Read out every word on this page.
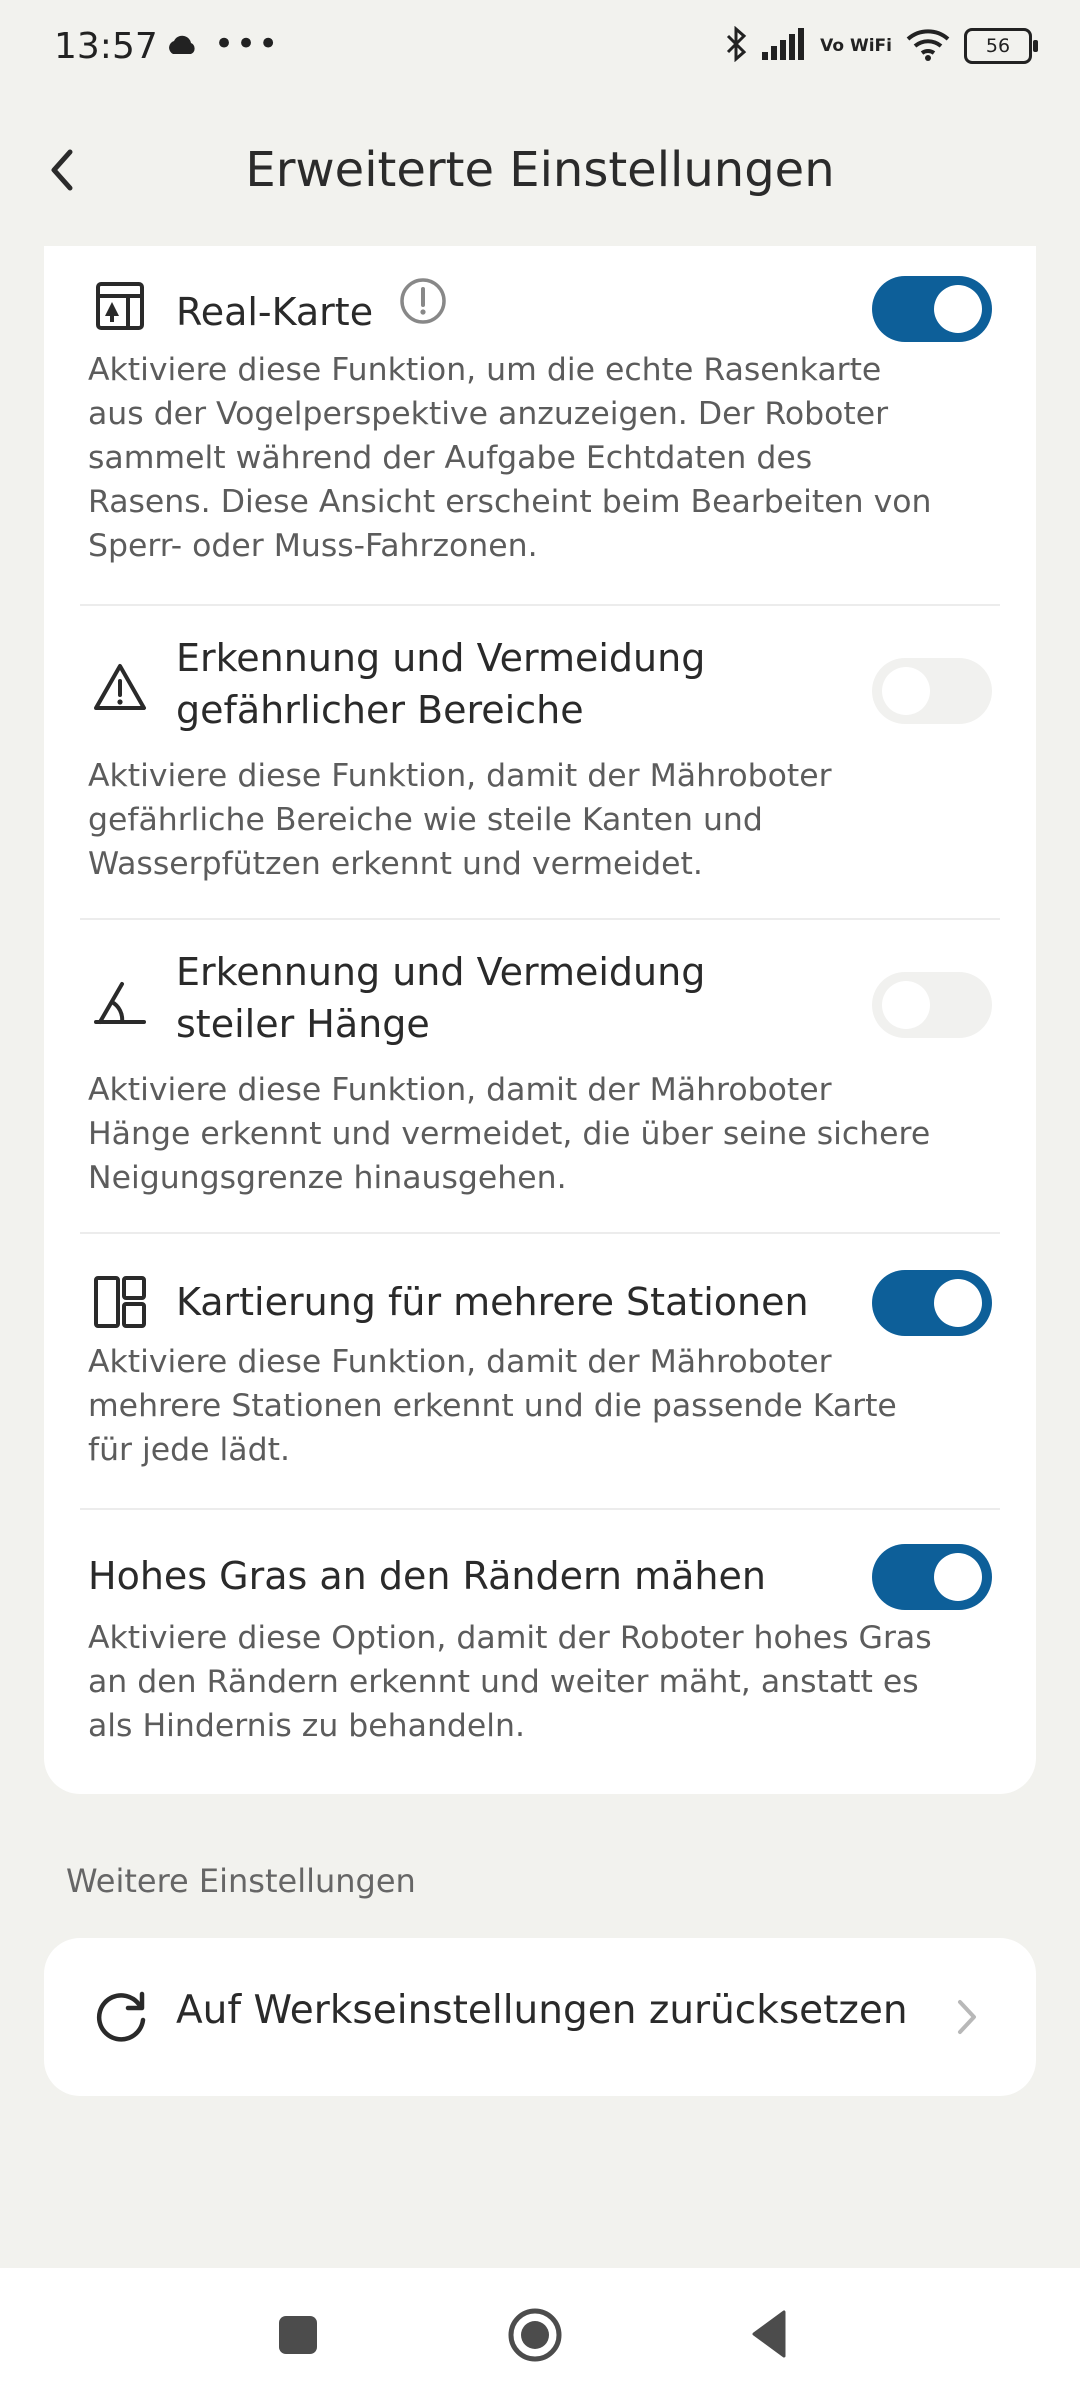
13:57 •••	Vo WiFi	56
Erweiterte Einstellungen
Real-Karte
Aktiviere diese Funktion, um die echte Rasenkarte
aus der Vogelperspektive anzuzeigen. Der Roboter
sammelt während der Aufgabe Echtdaten des
Rasens. Diese Ansicht erscheint beim Bearbeiten von
Sperr- oder Muss-Fahrzonen.
Erkennung und Vermeidung
gefährlicher Bereiche
Aktiviere diese Funktion, damit der Mähroboter
gefährliche Bereiche wie steile Kanten und
Wasserpfützen erkennt und vermeidet.
Erkennung und Vermeidung
steiler Hänge
Aktiviere diese Funktion, damit der Mähroboter
Hänge erkennt und vermeidet, die über seine sichere
Neigungsgrenze hinausgehen.
Kartierung für mehrere Stationen
Aktiviere diese Funktion, damit der Mähroboter
mehrere Stationen erkennt und die passende Karte
für jede lädt.
Hohes Gras an den Rändern mähen
Aktiviere diese Option, damit der Roboter hohes Gras
an den Rändern erkennt und weiter mäht, anstatt es
als Hindernis zu behandeln.
Weitere Einstellungen
Auf Werkseinstellungen zurücksetzen
